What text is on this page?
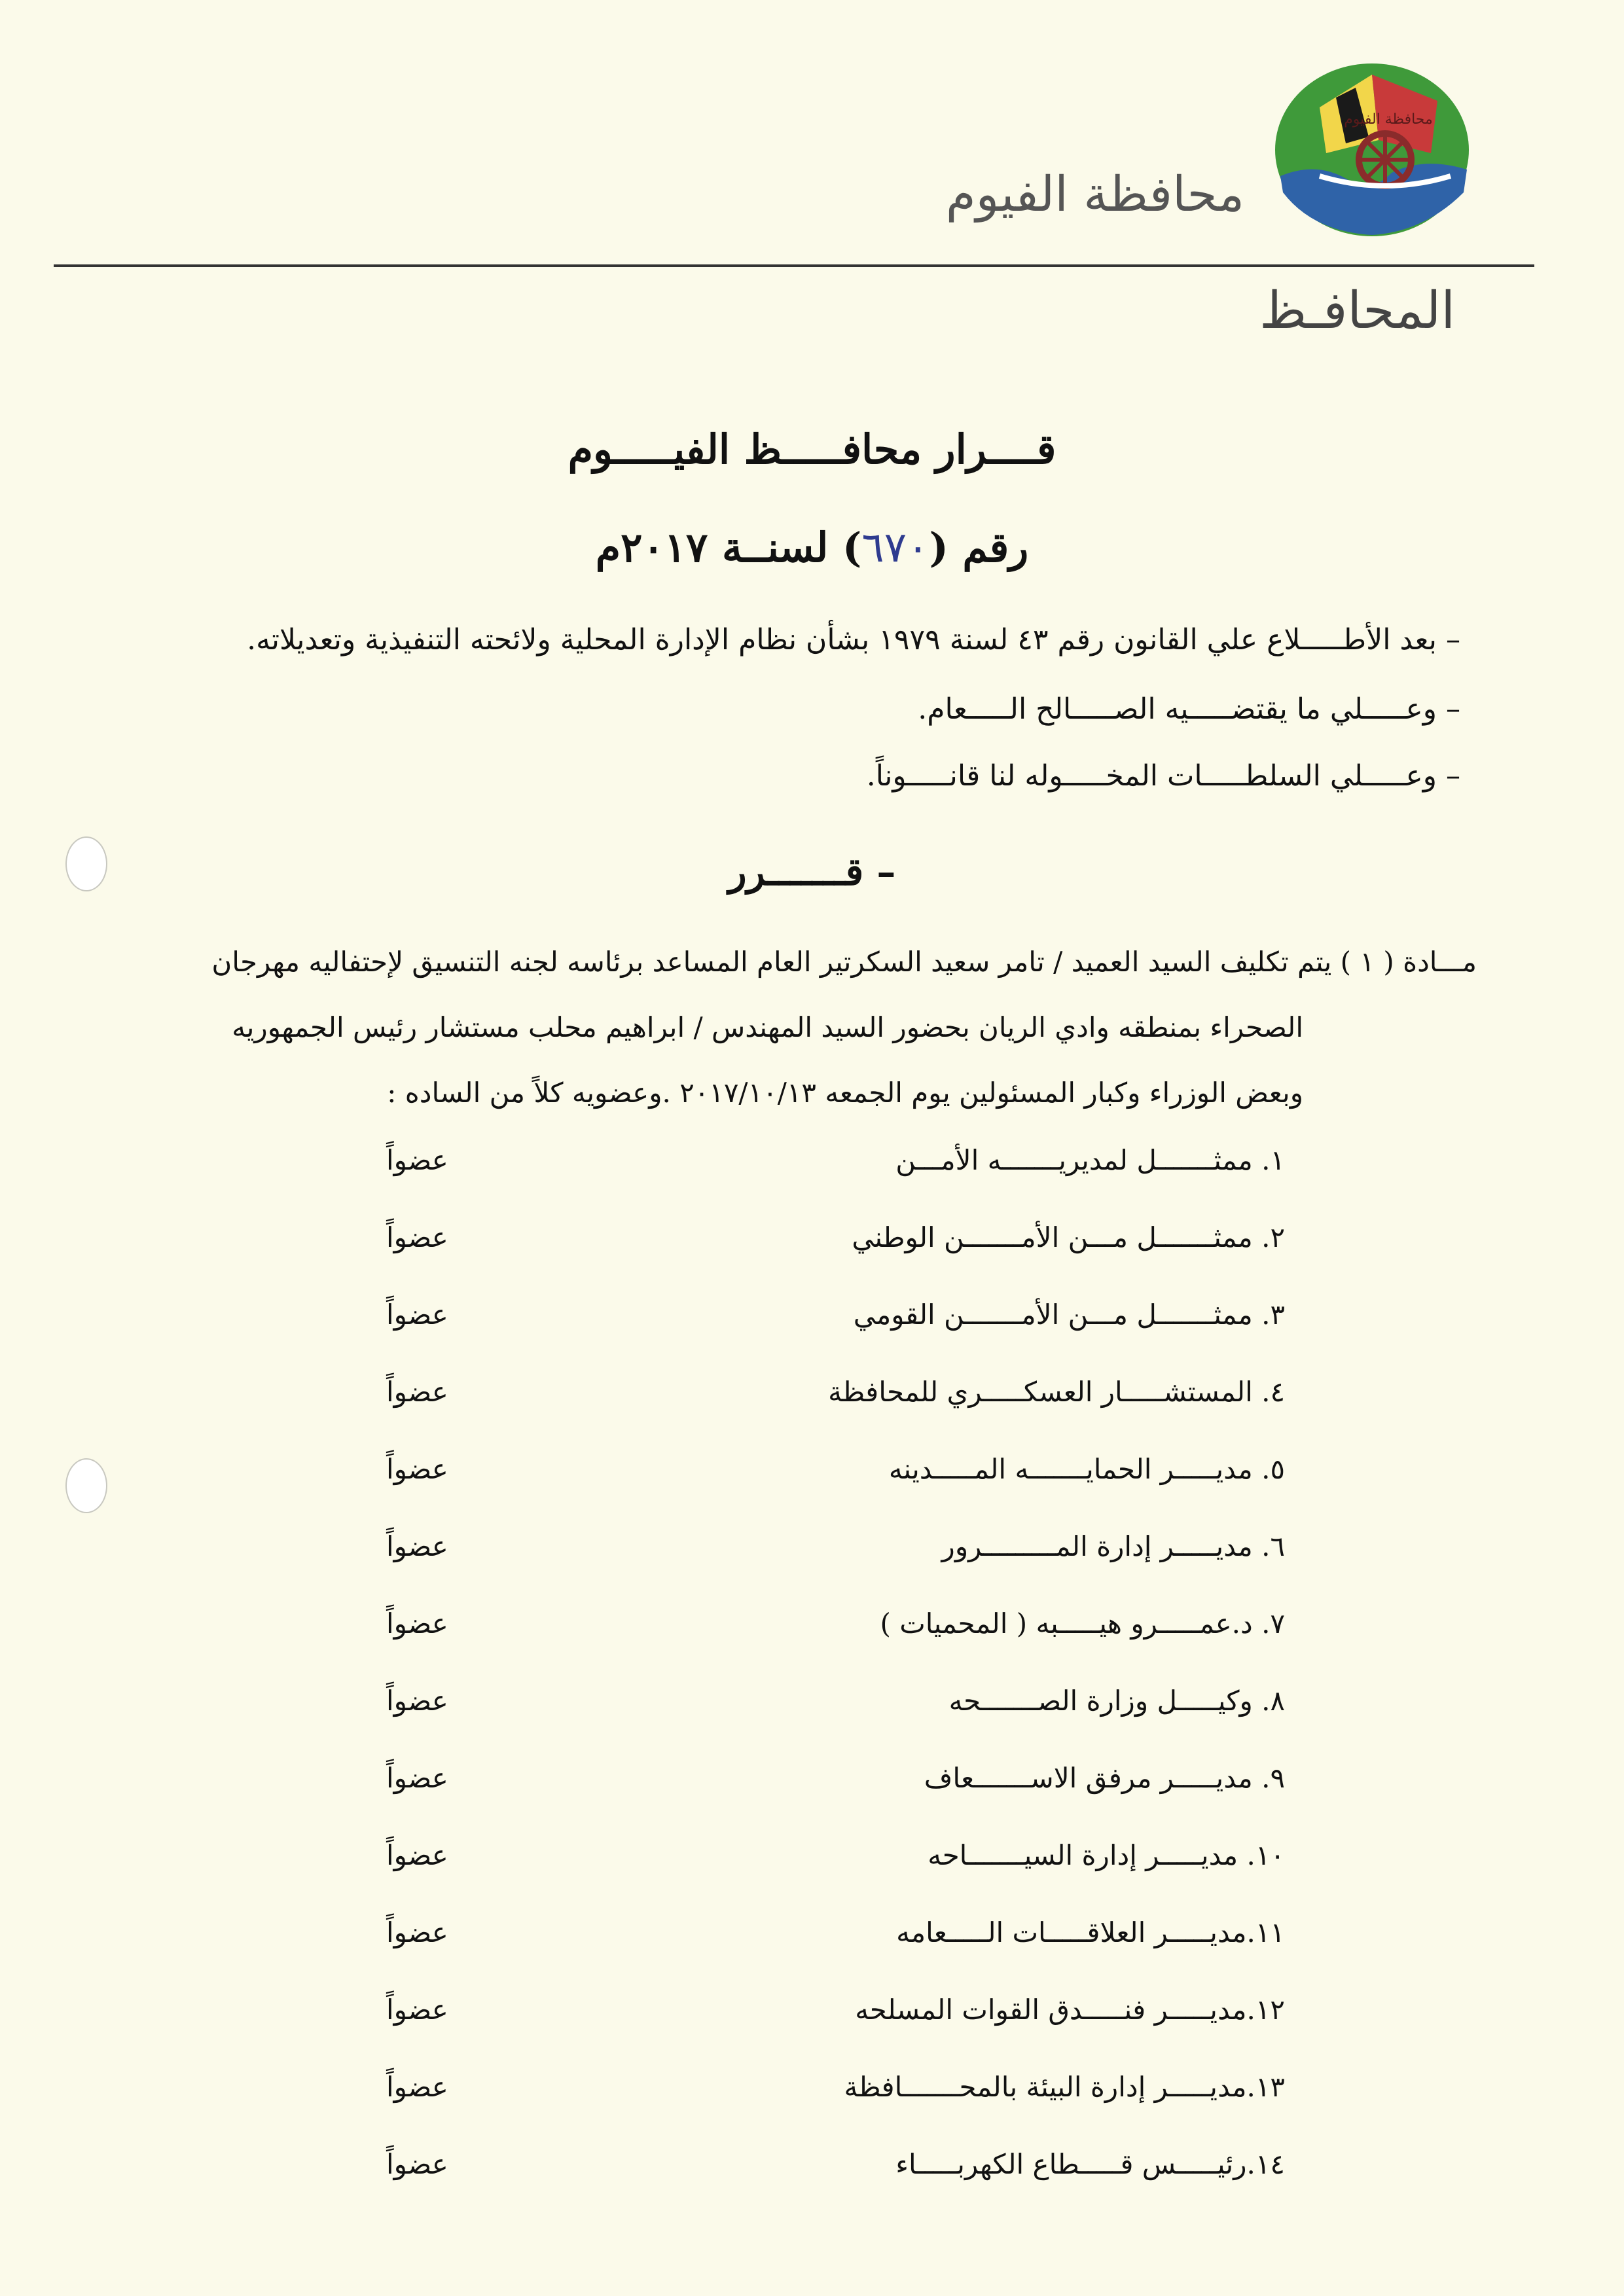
محافظة الفيوم
محافظة الفيوم
المحافـظ
قــــرار محافـــــظ الفيـــــوم
رقم (٦٧٠) لسنــة ٢٠١٧م
– بعد الأطـــــلاع علي القانون رقم ٤٣ لسنة ١٩٧٩ بشأن نظام الإدارة المحلية ولائحته التنفيذية وتعديلاته.
– وعـــــلي ما يقتضـــــيه الصـــــالح الـــــعام.
– وعـــــلي السلطـــــات المخـــــوله لنا قانـــــوناً.
– قـــــــرر
مـــادة ( ١ ) يتم تكليف السيد العميد / تامر سعيد السكرتير العام المساعد برئاسه لجنه التنسيق لإحتفاليه مهرجان
الصحراء بمنطقه وادي الريان بحضور السيد المهندس / ابراهيم محلب مستشار رئيس الجمهوريه
وبعض الوزراء وكبار المسئولين يوم الجمعه ٢٠١٧/١٠/١٣ .وعضويه كلاً من الساده :
١. ممثـــــــل لمديريـــــــه الأمـــن
عضواً
٢. ممثـــــــل مـــن الأمـــــــن الوطني
عضواً
٣. ممثـــــــل مـــن الأمـــــــن القومي
عضواً
٤. المستشـــــار العسكـــــري للمحافظة
عضواً
٥. مديـــــر الحمايـــــــه المـــــدينه
عضواً
٦. مديـــــر إدارة المـــــــــرور
عضواً
٧. د.عمـــــرو هيـــــبه ( المحميات )
عضواً
٨. وكيـــــل وزارة الصـــــــحه
عضواً
٩. مديـــــر مرفق الاســـــــعاف
عضواً
١٠. مديـــــر إدارة السيـــــــاحه
عضواً
١١.مديـــــر العلاقـــــات الـــــعامه
عضواً
١٢.مديـــــر فنـــــدق القوات المسلحه
عضواً
١٣.مديـــــر إدارة البيئة بالمحـــــــافظة
عضواً
١٤.رئيـــــس قـــــطاع الكهربـــــاء
عضواً
